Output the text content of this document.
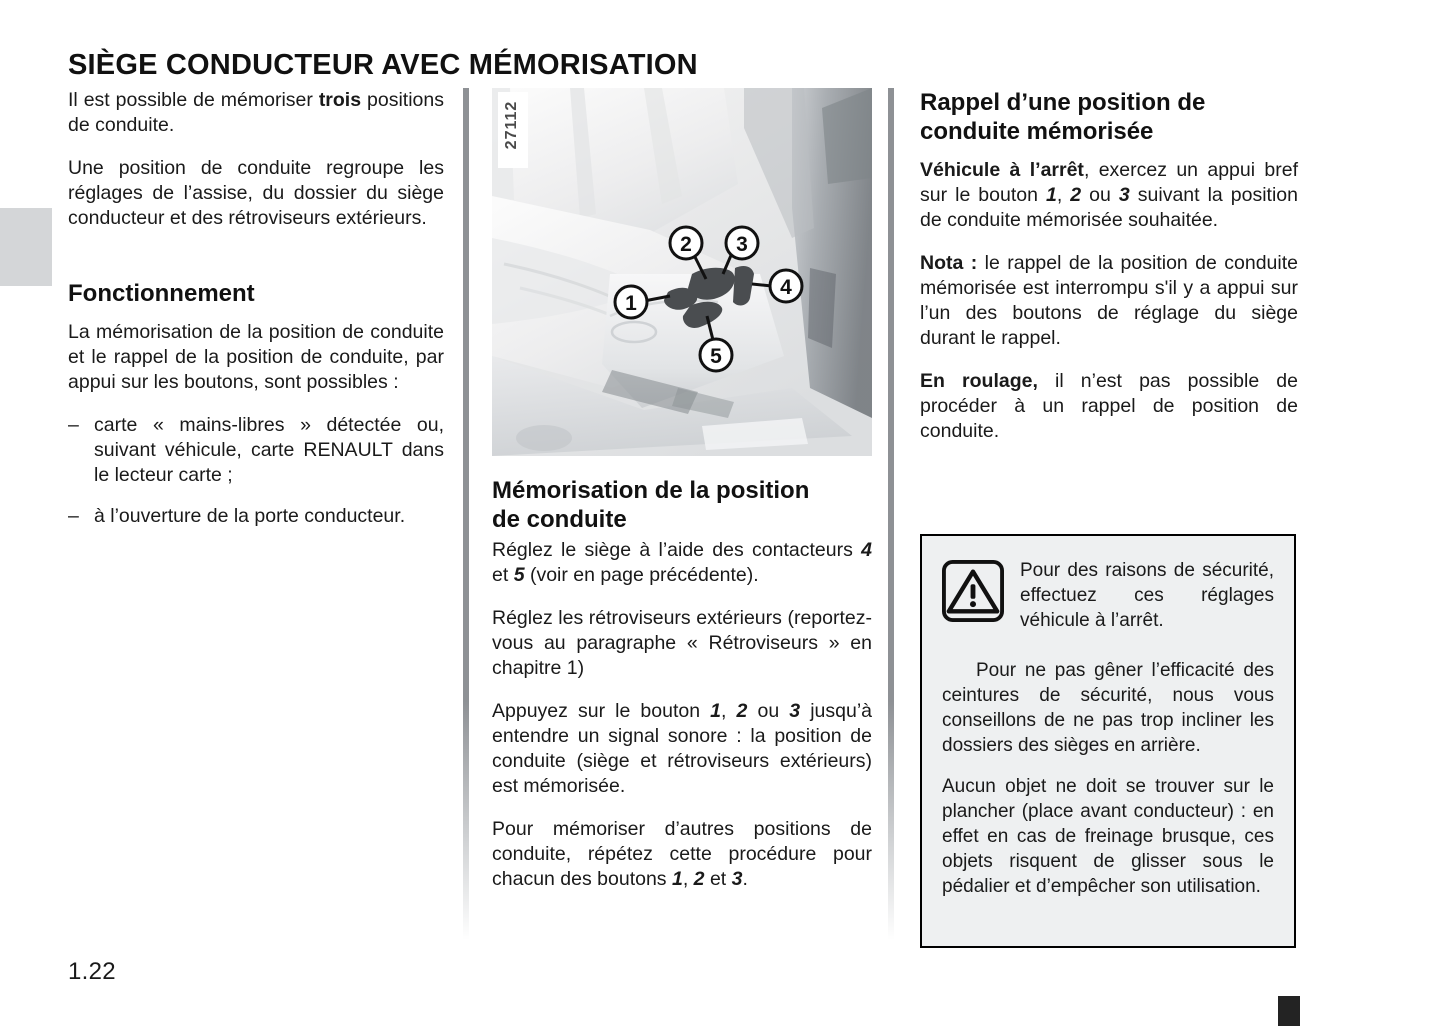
1.22
SIÈGE CONDUCTEUR AVEC MÉMORISATION

Il est possible de mémoriser trois positions de conduite.

Une position de conduite regroupe les réglages de l’assise, du dossier du siège conducteur et des rétroviseurs extérieurs.

Fonctionnement

La mémorisation de la position de conduite et le rappel de la position de conduite, par appui sur les boutons, sont possibles :

– carte « mains-libres » détectée ou, suivant véhicule, carte RENAULT dans le lecteur carte ;
– à l’ouverture de la porte conducteur.
1
2 3
4
5
27112
Mémorisation de la position
de conduite

Réglez le siège à l’aide des contacteurs 4 et 5 (voir en page précédente).

Réglez les rétroviseurs extérieurs (reportez-vous au paragraphe « Rétroviseurs » en chapitre 1)

Appuyez sur le bouton 1, 2 ou 3 jusqu’à entendre un signal sonore : la position de conduite (siège et rétroviseurs extérieurs) est mémorisée.

Pour mémoriser d’autres positions de conduite, répétez cette procédure pour chacun des boutons 1, 2 et 3.

Rappel d’une position de
conduite mémorisée

Véhicule à l’arrêt, exercez un appui bref sur le bouton 1, 2 ou 3 suivant la position de conduite mémorisée souhaitée.

Nota : le rappel de la position de conduite mémorisée est interrompu s'il y a appui sur l’un des boutons de réglage du siège durant le rappel.

En roulage, il n’est pas possible de procéder à un rappel de position de conduite.

Pour des raisons de sécurité, effectuez ces réglages véhicule à l’arrêt.

Pour ne pas gêner l’efficacité des ceintures de sécurité, nous vous conseillons de ne pas trop incliner les dossiers des sièges en arrière.

Aucun objet ne doit se trouver sur le plancher (place avant conducteur) : en effet en cas de freinage brusque, ces objets risquent de glisser sous le pédalier et d’empêcher son utilisation.
